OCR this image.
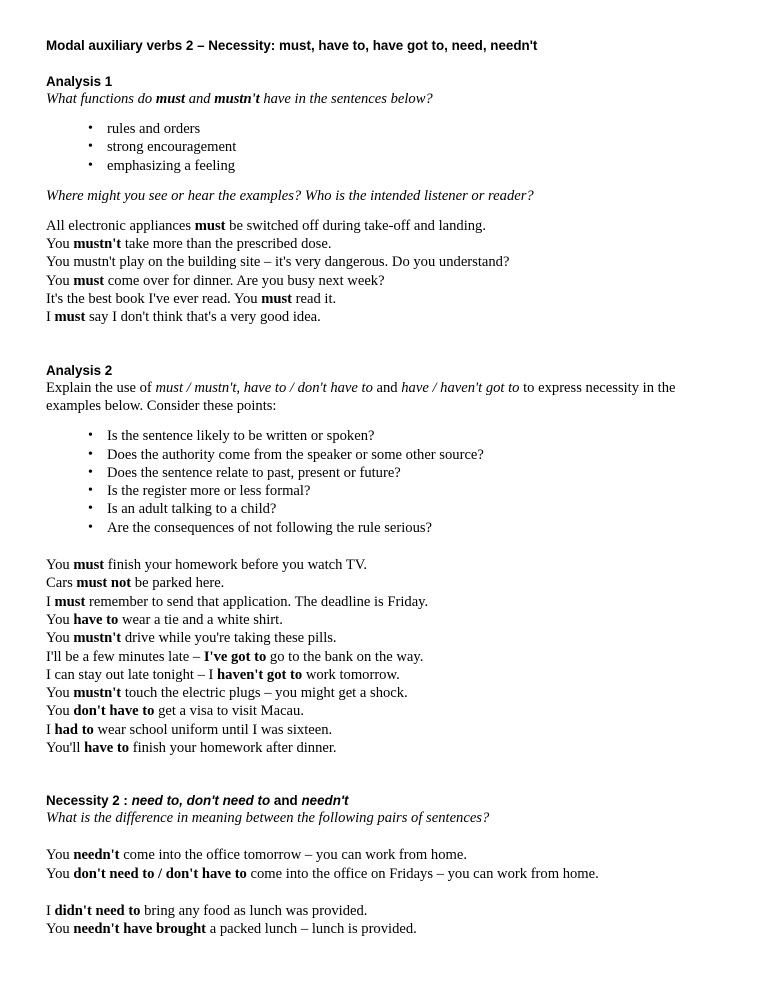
Modal auxiliary verbs 2 – Necessity: must, have to, have got to, need, needn't

Analysis 1

What functions do must and mustn't have in the sentences below?

• rules and orders
• strong encouragement
• emphasizing a feeling

Where might you see or hear the examples? Who is the intended listener or reader?

All electronic appliances must be switched off during take-off and landing.

You mustn't take more than the prescribed dose.

You mustn't play on the building site – it's very dangerous. Do you understand?

You must come over for dinner. Are you busy next week?

It's the best book I've ever read. You must read it.

I must say I don't think that's a very good idea.

Analysis 2

Explain the use of must / mustn't, have to / don't have to and have / haven't got to to express necessity in the examples below. Consider these points:

• Is the sentence likely to be written or spoken?
• Does the authority come from the speaker or some other source?
• Does the sentence relate to past, present or future?
• Is the register more or less formal?
• Is an adult talking to a child?
• Are the consequences of not following the rule serious?

You must finish your homework before you watch TV.

Cars must not be parked here.

I must remember to send that application. The deadline is Friday.

You have to wear a tie and a white shirt.

You mustn't drive while you're taking these pills.

I'll be a few minutes late – I've got to go to the bank on the way.

I can stay out late tonight – I haven't got to work tomorrow.

You mustn't touch the electric plugs – you might get a shock.

You don't have to get a visa to visit Macau.

I had to wear school uniform until I was sixteen.

You'll have to finish your homework after dinner.

Necessity 2 : need to, don't need to and needn't

What is the difference in meaning between the following pairs of sentences?

You needn't come into the office tomorrow – you can work from home.

You don't need to / don't have to come into the office on Fridays – you can work from home.

I didn't need to bring any food as lunch was provided.

You needn't have brought a packed lunch – lunch is provided.
